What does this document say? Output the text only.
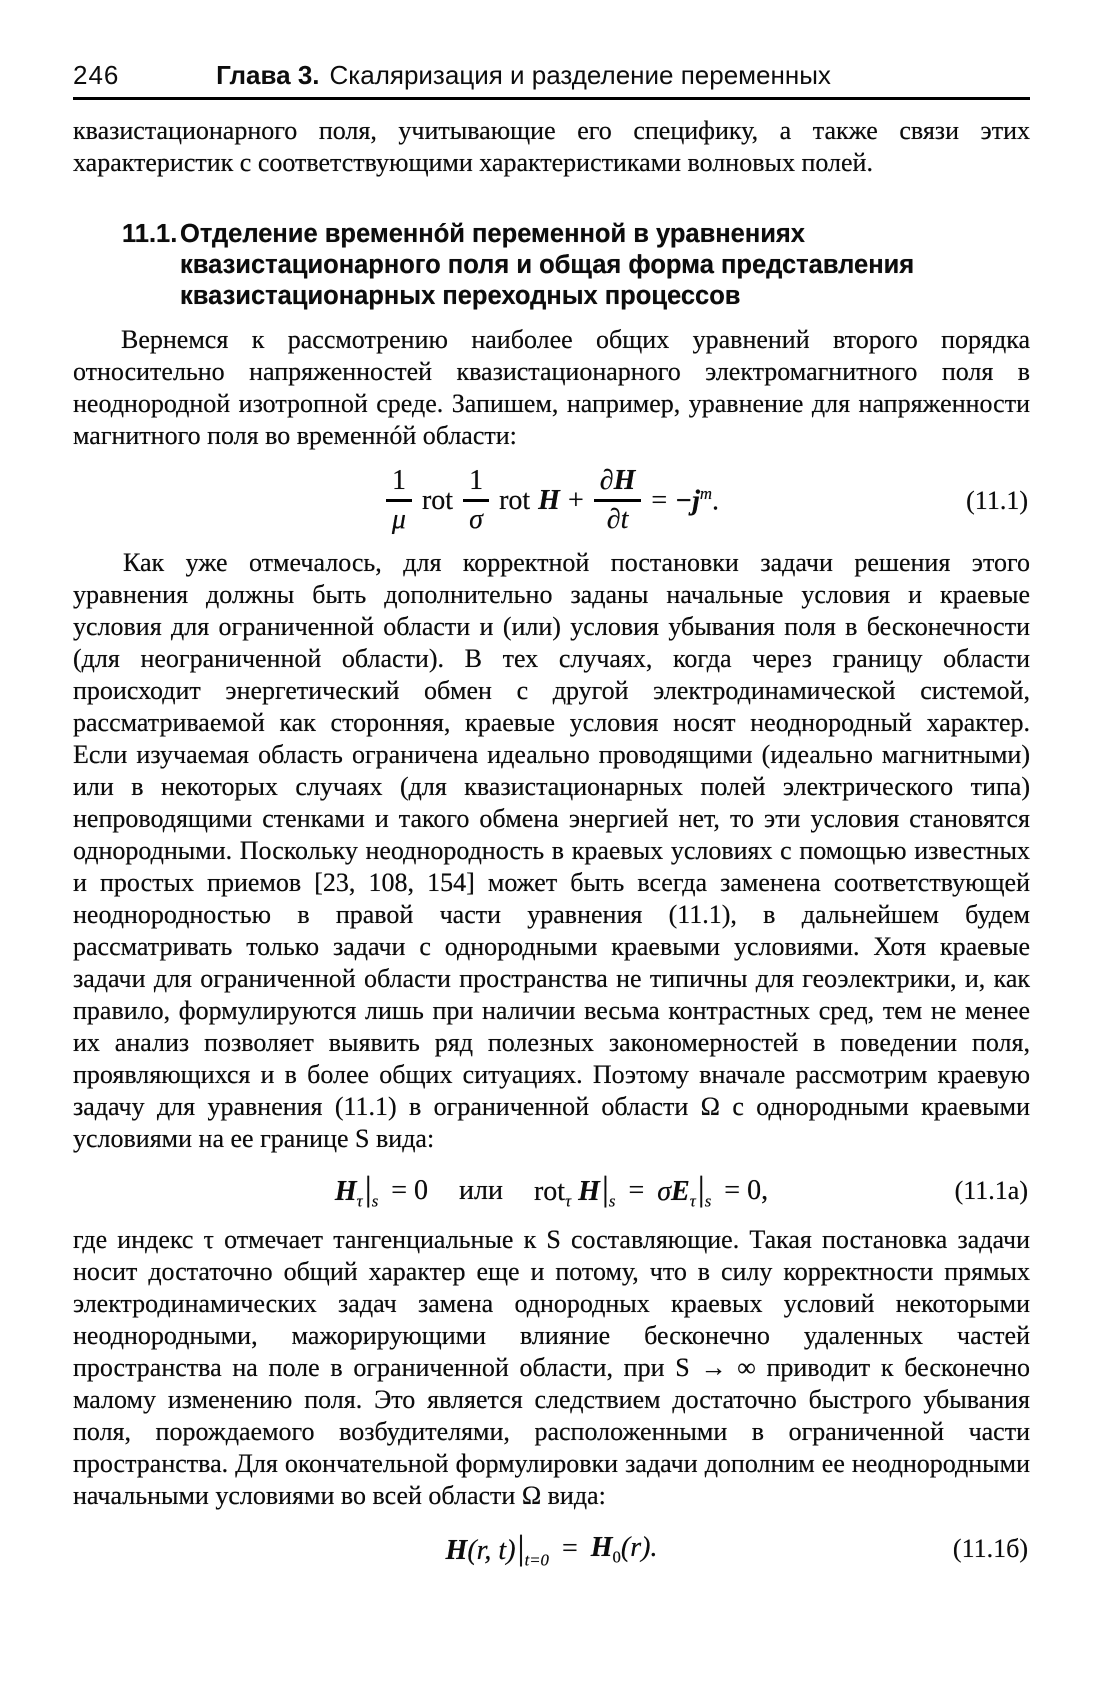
246	Глава 3. Скаляризация и разделение переменных

квазистационарного поля, учитывающие его специфику, а также связи этих характеристик с соответствующими характеристиками волновых полей.

11.1. Отделение временнóй переменной в уравнениях
квазистационарного поля и общая форма представления
квазистационарных переходных процессов

Вернемся к рассмотрению наиболее общих уравнений второго порядка относительно напряженностей квазистационарного электромагнитного поля в неоднородной изотропной среде. Запишем, например, уравнение для напряженности магнитного поля во временнóй области:

$\frac{1}{\mu}$ rot $\frac{1}{\sigma}$ rot $H + \frac{\partial H}{\partial t} = -j^m$.	(11.1)

Как уже отмечалось, для корректной постановки задачи решения этого уравнения должны быть дополнительно заданы начальные условия и краевые условия для ограниченной области и (или) условия убывания поля в бесконечности (для неограниченной области). В тех случаях, когда через границу области происходит энергетический обмен с другой электродинамической системой, рассматриваемой как сторонняя, краевые условия носят неоднородный характер. Если изучаемая область ограничена идеально проводящими (идеально магнитными) или в некоторых случаях (для квазистационарных полей электрического типа) непроводящими стенками и такого обмена энергией нет, то эти условия становятся однородными. Поскольку неоднородность в краевых условиях с помощью известных и простых приемов [23, 108, 154] может быть всегда заменена соответствующей неоднородностью в правой части уравнения (11.1), в дальнейшем будем рассматривать только задачи с однородными краевыми условиями. Хотя краевые задачи для ограниченной области пространства не типичны для геоэлектрики, и, как правило, формулируются лишь при наличии весьма контрастных сред, тем не менее их анализ позволяет выявить ряд полезных закономерностей в поведении поля, проявляющихся и в более общих ситуациях. Поэтому вначале рассмотрим краевую задачу для уравнения (11.1) в ограниченной области Ω с однородными краевыми условиями на ее границе S вида:

$H_\tau|_s = 0$ или rot$_\tau$ $H|_s = \sigma E_\tau|_s = 0$,	(11.1а)

где индекс τ отмечает тангенциальные к S составляющие. Такая постановка задачи носит достаточно общий характер еще и потому, что в силу корректности прямых электродинамических задач замена однородных краевых условий некоторыми неоднородными, мажорирующими влияние бесконечно удаленных частей пространства на поле в ограниченной области, при S → ∞ приводит к бесконечно малому изменению поля. Это является следствием достаточно быстрого убывания поля, порождаемого возбудителями, расположенными в ограниченной части пространства. Для окончательной формулировки задачи дополним ее неоднородными начальными условиями во всей области Ω вида:

H(r, $t)|_{t=0} = H_0(r)$.	(11.1б)
